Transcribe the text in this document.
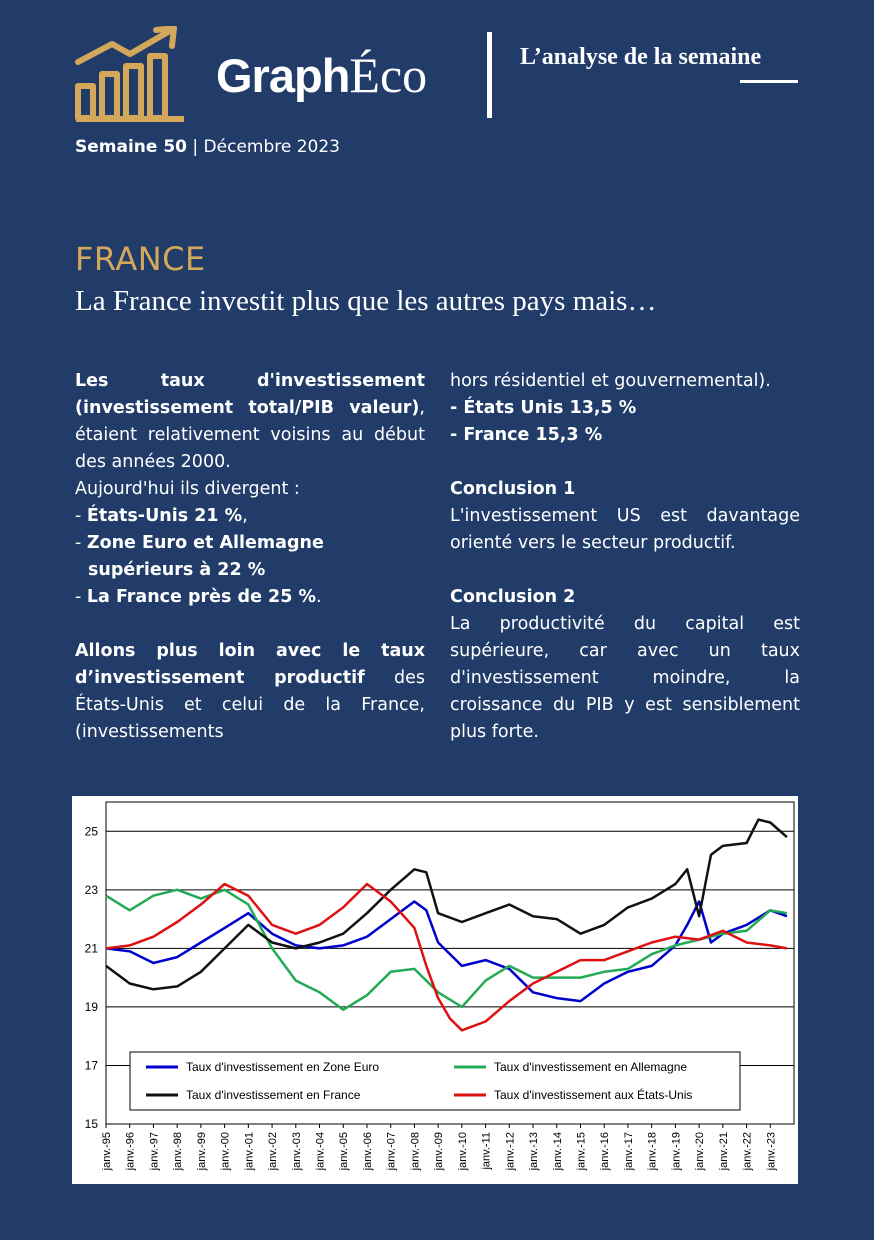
GraphÉco	L’analyse de la semaine
Semaine 50 | Décembre 2023
FRANCE
La France investit plus que les autres pays mais…

Les taux d'investissement (investissement total/PIB valeur), étaient relativement voisins au début des années 2000.

Aujourd'hui ils divergent :

- États-Unis 21 %,

- Zone Euro et Allemagne supérieurs à 22 %

- La France près de 25 %.

Allons plus loin avec le taux d’investissement productif des États-Unis et celui de la France, (investissements

hors résidentiel et gouvernemental).

- États Unis 13,5 %

- France 15,3 %

Conclusion 1

L'investissement US est davantage orienté vers le secteur productif.

Conclusion 2

La productivité du capital est supérieure, car avec un taux d'investissement moindre, la croissance du PIB y est sensiblement plus forte.

15
17
19
21
23
25
janv.-95 janv.-96 janv.-97 janv.-98 janv.-99 janv.-00 janv.-01 janv.-02 janv.-03 janv.-04 janv.-05 janv.-06 janv.-07 janv.-08 janv.-09 janv.-10 janv.-11 janv.-12 janv.-13 janv.-14 janv.-15 janv.-16 janv.-17 janv.-18 janv.-19 janv.-20 janv.-21 janv.-22 janv.-23
Taux d'investissement en Zone Euro	Taux d'investissement en Allemagne
Taux d'investissement en France	Taux d'investissement aux États-Unis
